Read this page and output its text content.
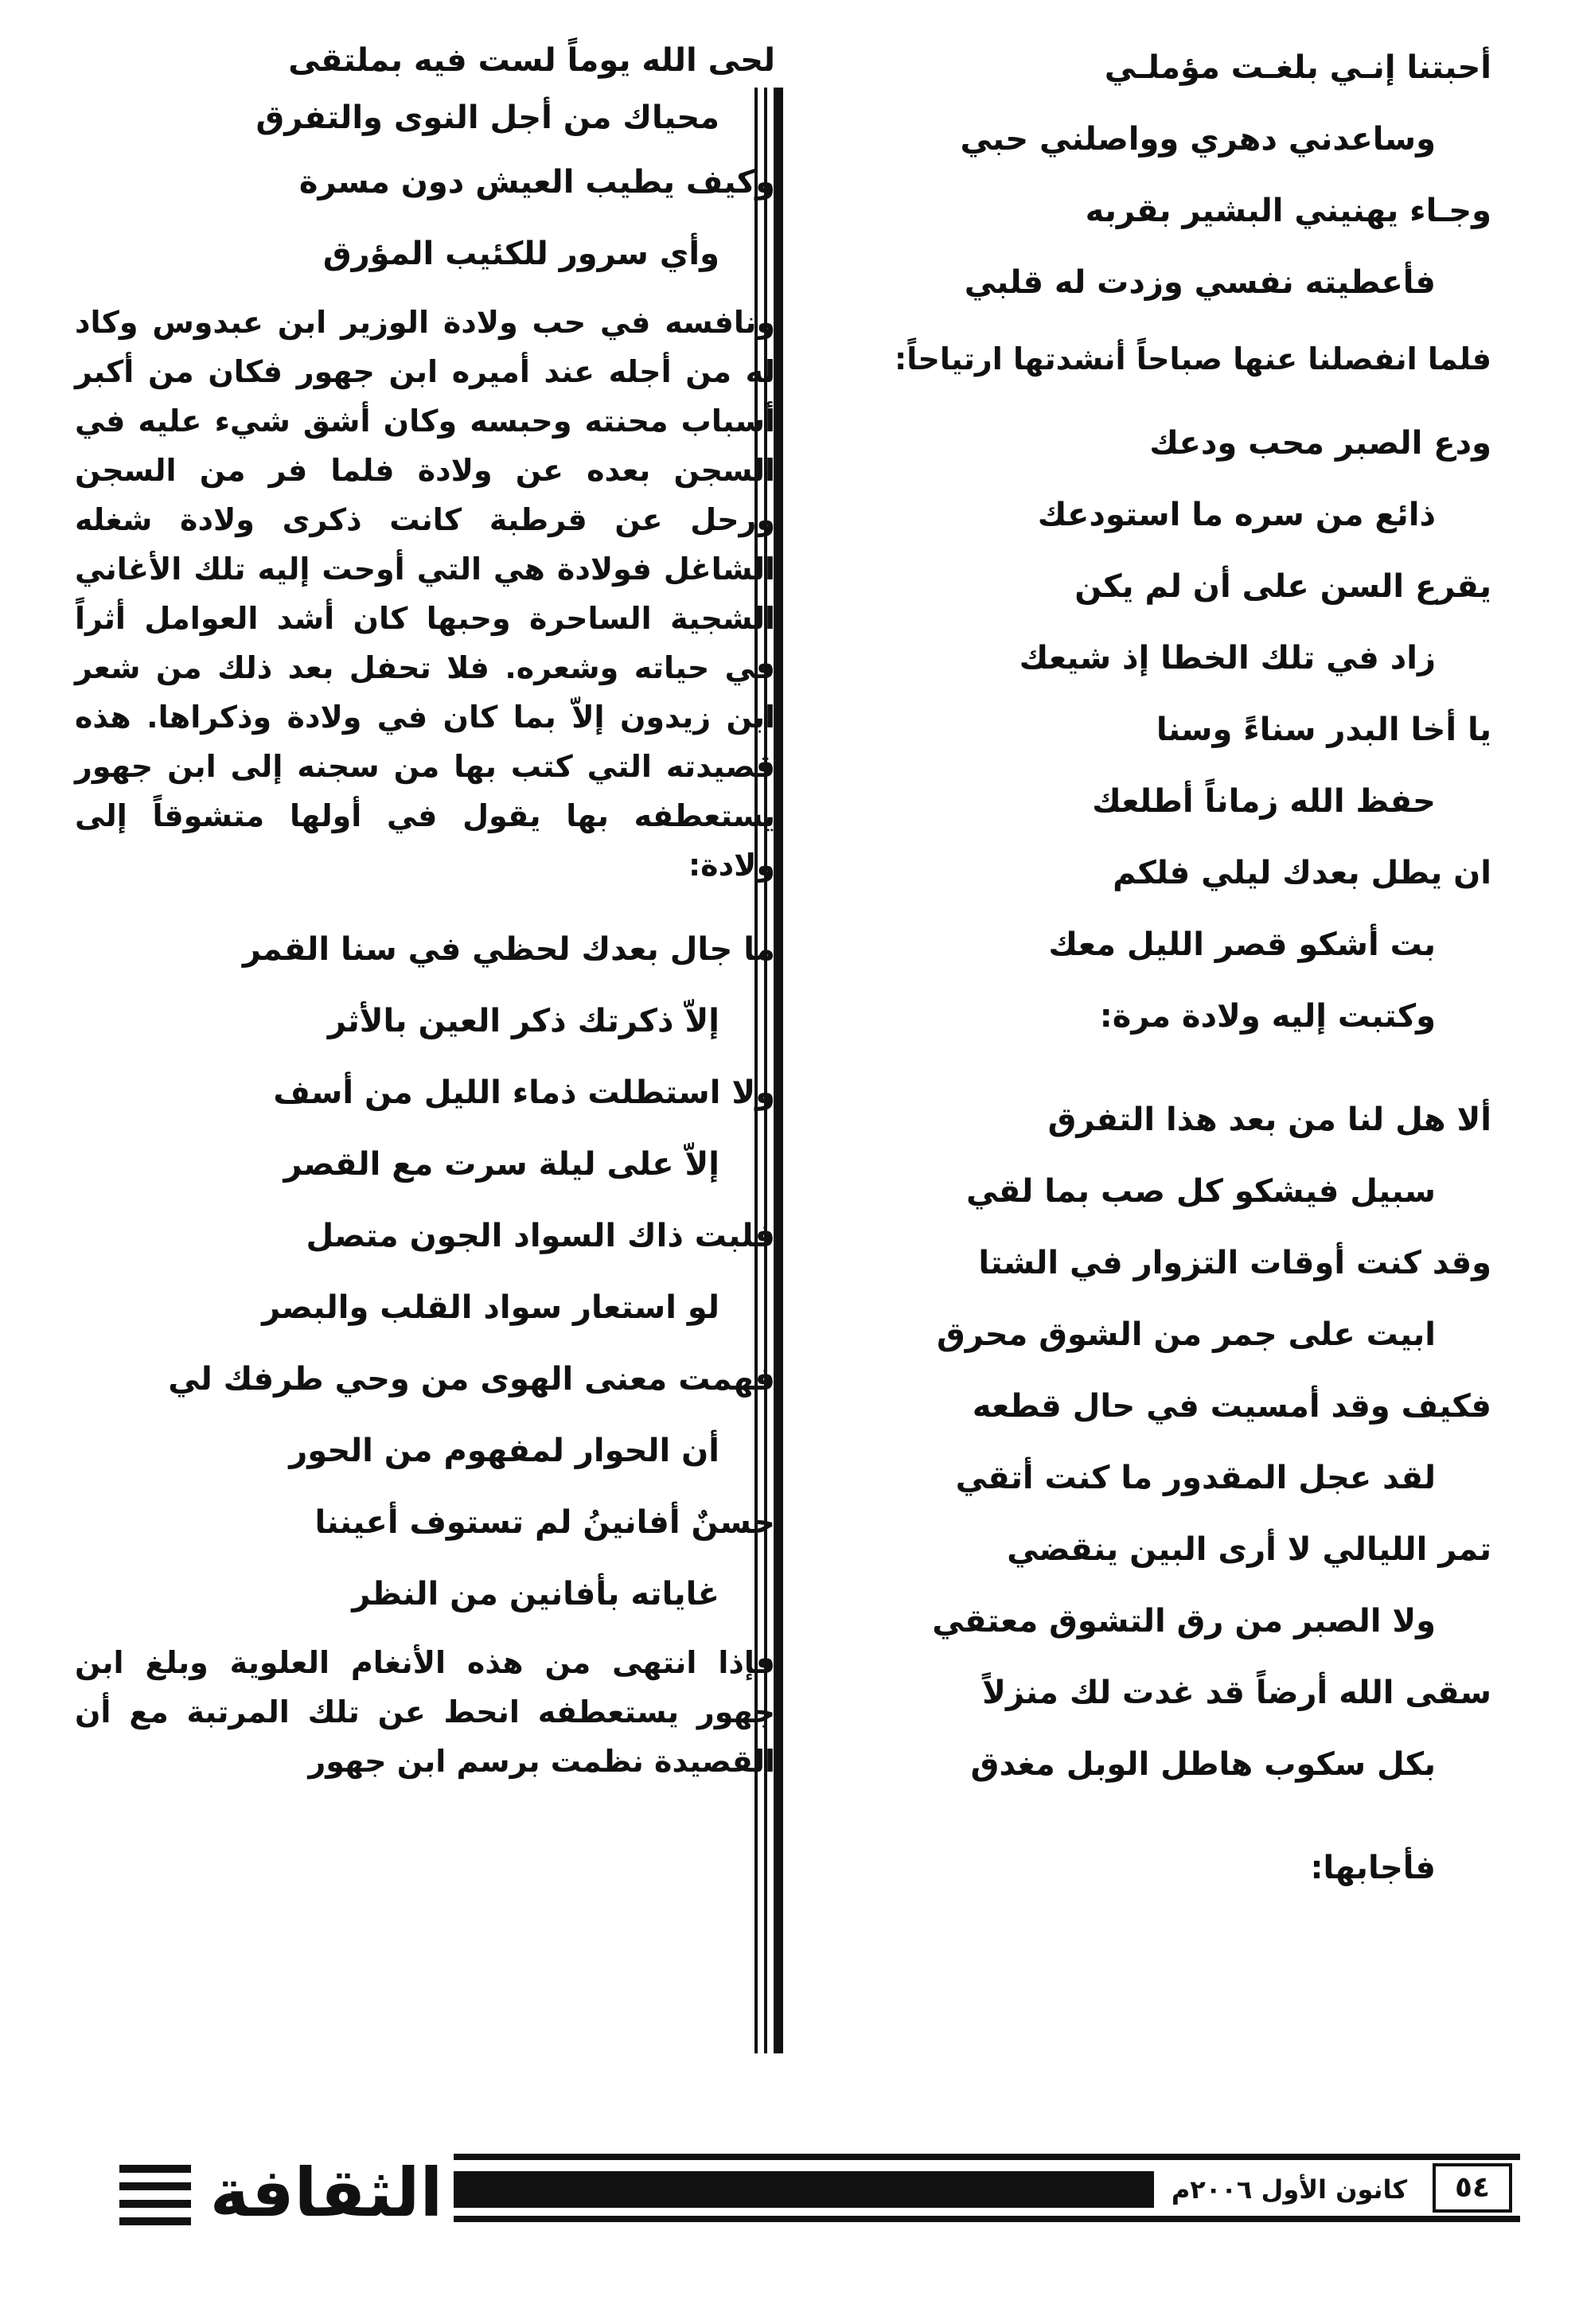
أحبتنا إنـي بلغـت مؤملـي
وساعدني دهري وواصلني حبي
وجـاء يهنيني البشير بقربه
فأعطيته نفسي وزدت له قلبي
فلما انفصلنا عنها صباحاً أنشدتها ارتياحاً:
ودع الصبر محب ودعك
ذائع من سره ما استودعك
يقرع السن على أن لم يكن
زاد في تلك الخطا إذ شيعك
يا أخا البدر سناءً وسنا
حفظ الله زماناً أطلعك
ان يطل بعدك ليلي فلكم
بت أشكو قصر الليل معك
وكتبت إليه ولادة مرة:
ألا هل لنا من بعد هذا التفرق
سبيل فيشكو كل صب بما لقي
وقد كنت أوقات التزوار في الشتا
ابيت على جمر من الشوق محرق
فكيف وقد أمسيت في حال قطعه
لقد عجل المقدور ما كنت أتقي
تمر الليالي لا أرى البين ينقضي
ولا الصبر من رق التشوق معتقي
سقى الله أرضاً قد غدت لك منزلاً
بكل سكوب هاطل الوبل مغدق
فأجابها:
لحى الله يوماً لست فيه بملتقى
محياك من أجل النوى والتفرق
وكيف يطيب العيش دون مسرة
وأي سرور للكئيب المؤرق
ونافسه في حب ولادة الوزير ابن عبدوس وكاد له من أجله عند أميره ابن جهور فكان من أكبر أسباب محنته وحبسه وكان أشق شيء عليه في السجن بعده عن ولادة فلما فر من السجن ورحل عن قرطبة كانت ذكرى ولادة شغله الشاغل فولادة هي التي أوحت إليه تلك الأغاني الشجية الساحرة وحبها كان أشد العوامل أثراً في حياته وشعره. فلا تحفل بعد ذلك من شعر ابن زيدون إلاّ بما كان في ولادة وذكراها. هذه قصيدته التي كتب بها من سجنه إلى ابن جهور يستعطفه بها يقول في أولها متشوقاً إلى ولادة:
ما جال بعدك لحظي في سنا القمر
إلاّ ذكرتك ذكر العين بالأثر
ولا استطلت ذماء الليل من أسف
إلاّ على ليلة سرت مع القصر
فلبت ذاك السواد الجون متصل
لو استعار سواد القلب والبصر
فهمت معنى الهوى من وحي طرفك لي
أن الحوار لمفهوم من الحور
حسنٌ أفانينُ لم تستوف أعيننا
غاياته بأفانين من النظر
فإذا انتهى من هذه الأنغام العلوية وبلغ ابن جهور يستعطفه انحط عن تلك المرتبة مع أن القصيدة نظمت برسم ابن جهور
الثقافة	كانون الأول ٢٠٠٦م	٥٤
